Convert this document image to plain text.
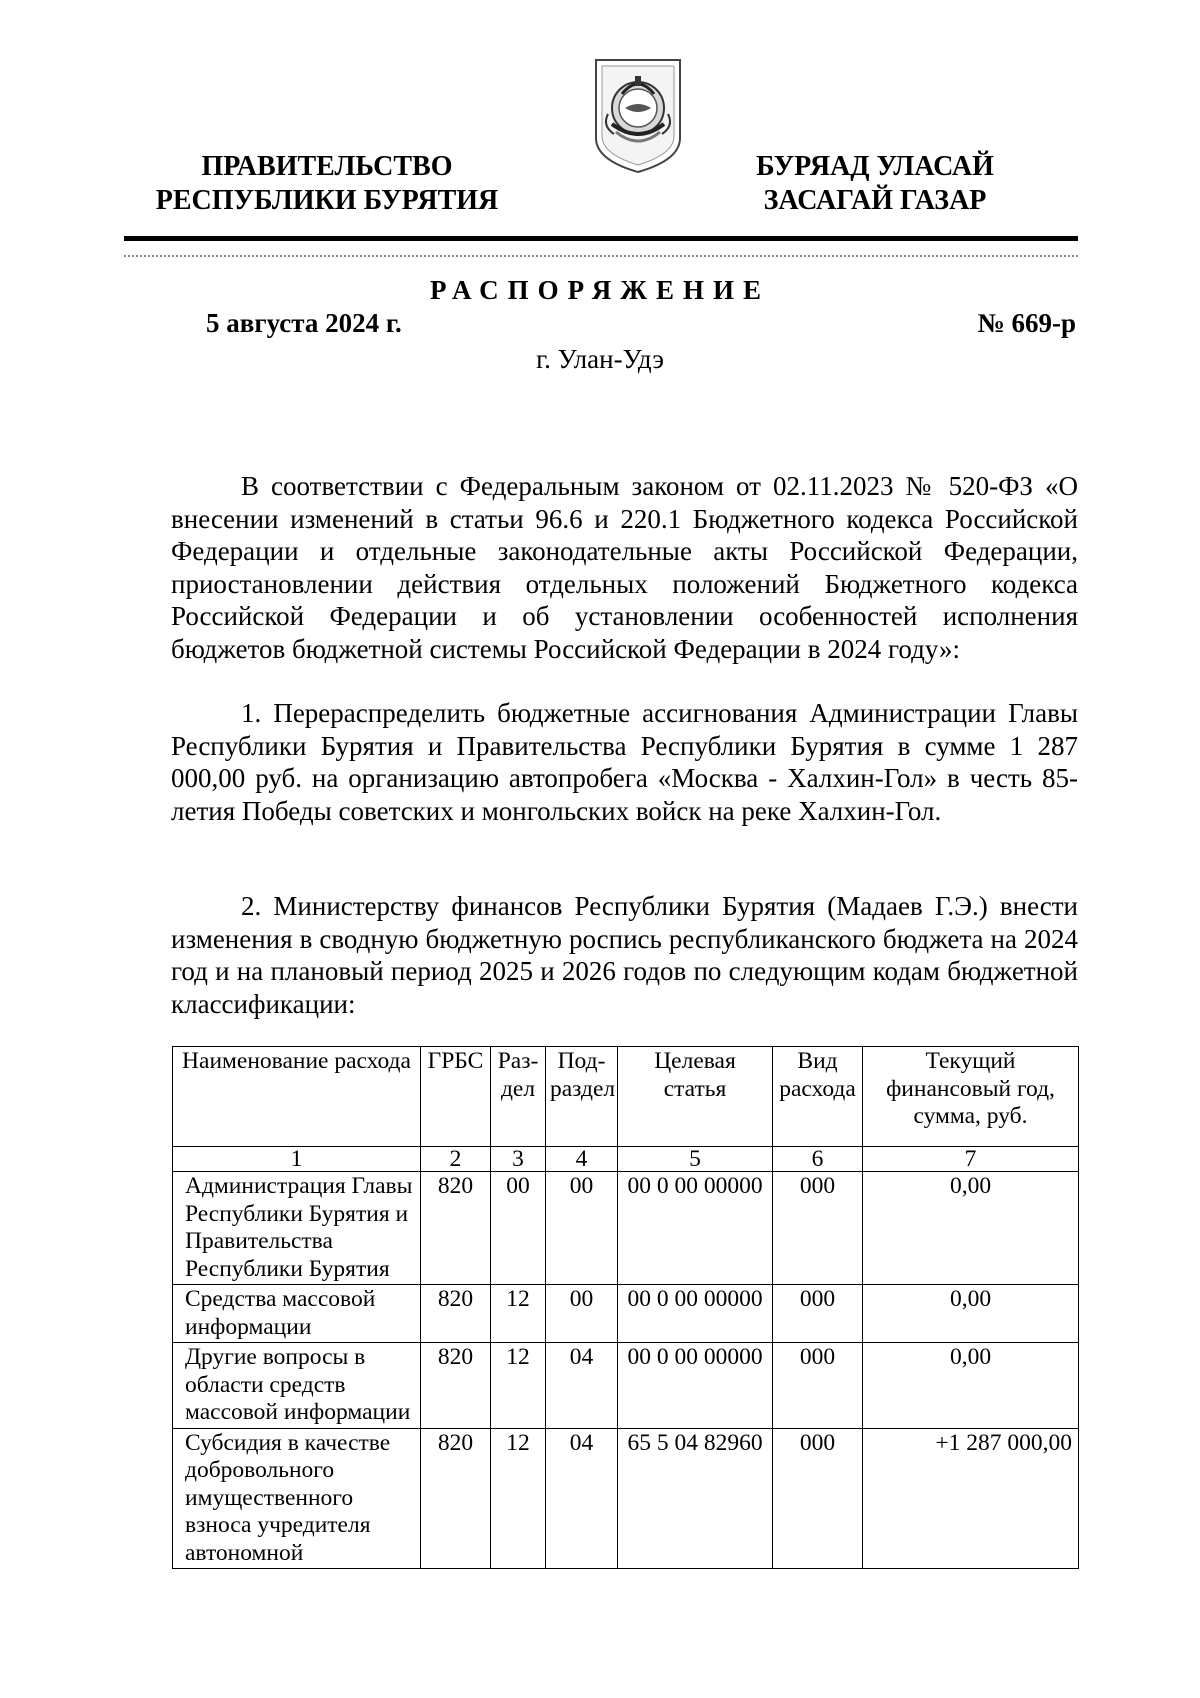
ПРАВИТЕЛЬСТВО
РЕСПУБЛИКИ БУРЯТИЯ
БУРЯАД УЛАСАЙ
ЗАСАГАЙ ГАЗАР
РАСПОРЯЖЕНИЕ
5 августа 2024 г.	№ 669-р
г. Улан-Удэ

В соответствии с Федеральным законом от 02.11.2023 № 520-ФЗ «О внесении изменений в статьи 96.6 и 220.1 Бюджетного кодекса Российской Федерации и отдельные законодательные акты Российской Федерации, приостановлении действия отдельных положений Бюджетного кодекса Российской Федерации и об установлении особенностей исполнения бюджетов бюджетной системы Российской Федерации в 2024 году»:

1. Перераспределить бюджетные ассигнования Администрации Главы Республики Бурятия и Правительства Республики Бурятия в сумме 1 287 000,00 руб. на организацию автопробега «Москва - Халхин-Гол» в честь 85-летия Победы советских и монгольских войск на реке Халхин-Гол.

2. Министерству финансов Республики Бурятия (Мадаев Г.Э.) внести изменения в сводную бюджетную роспись республиканского бюджета на 2024 год и на плановый период 2025 и 2026 годов по следующим кодам бюджетной классификации:

Наименование расхода	ГРБС	Раз-дел	Под-раздел	Целевая статья	Вид расхода	Текущий финансовый год, сумма, руб.
1	2	3	4	5	6	7
Администрация Главы Республики Бурятия и Правительства Республики Бурятия	820	00	00	00 0 00 00000	000	0,00
Средства массовой информации	820	12	00	00 0 00 00000	000	0,00
Другие вопросы в области средств массовой информации	820	12	04	00 0 00 00000	000	0,00
Субсидия в качестве добровольного имущественного взноса учредителя автономной	820	12	04	65 5 04 82960	000	+1 287 000,00
